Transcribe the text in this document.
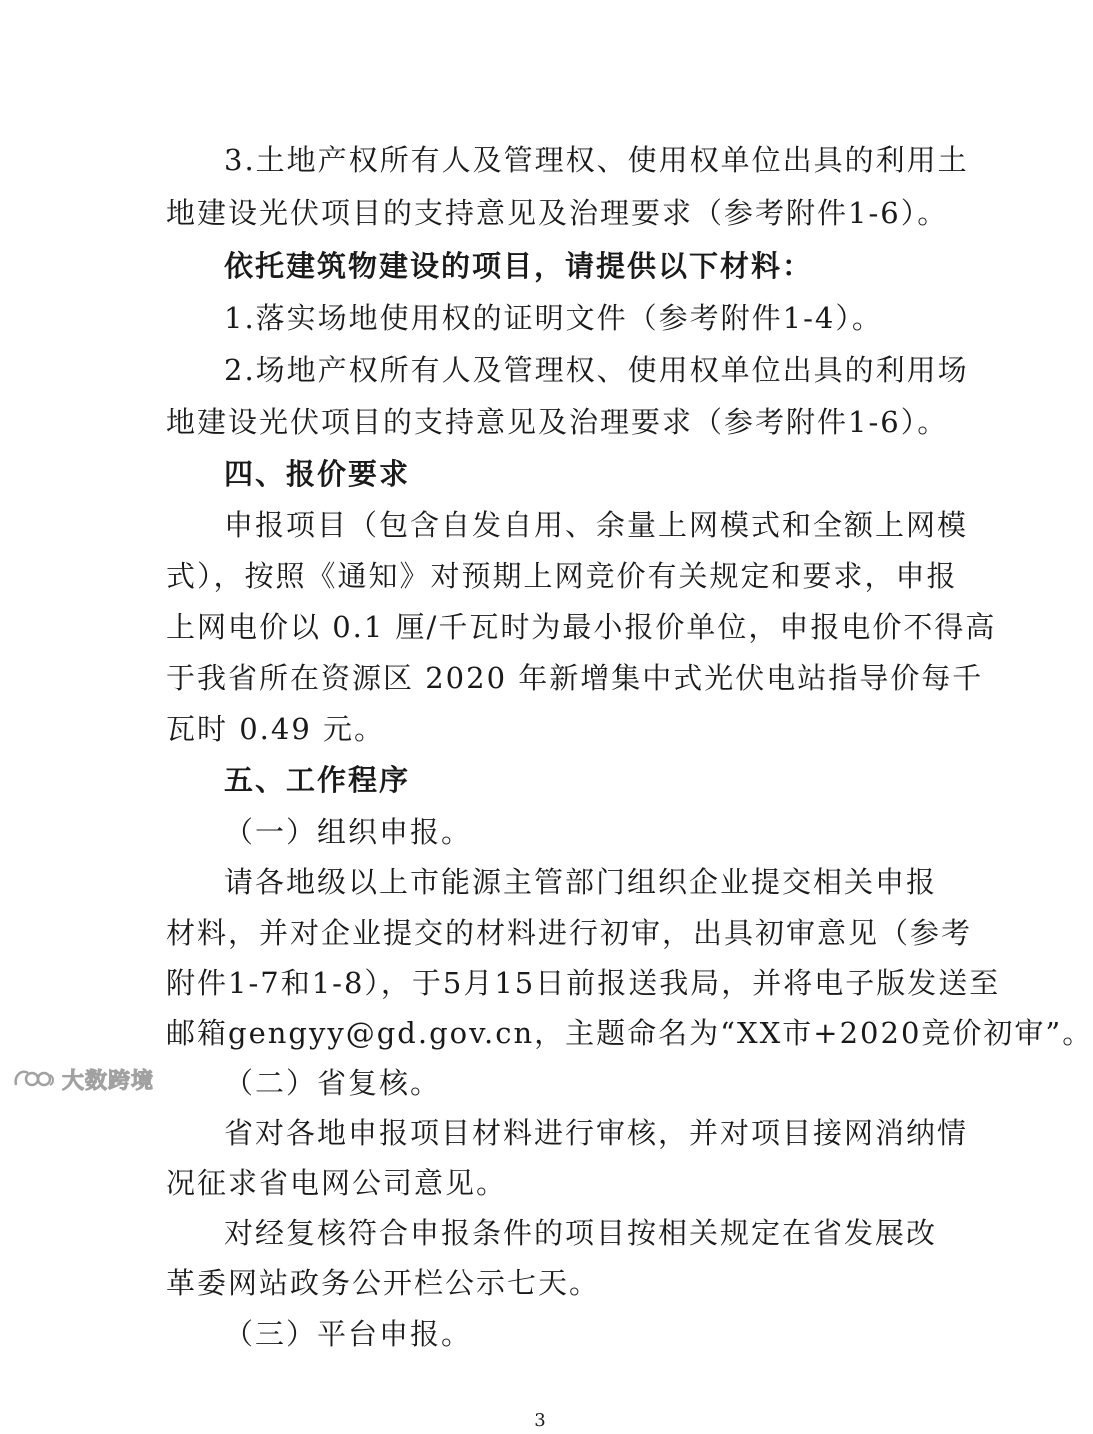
3.土地产权所有人及管理权、使用权单位出具的利用土
地建设光伏项目的支持意见及治理要求（参考附件1-6）。
依托建筑物建设的项目，请提供以下材料：
1.落实场地使用权的证明文件（参考附件1-4）。
2.场地产权所有人及管理权、使用权单位出具的利用场
地建设光伏项目的支持意见及治理要求（参考附件1-6）。
四、报价要求
申报项目（包含自发自用、余量上网模式和全额上网模
式），按照《通知》对预期上网竞价有关规定和要求，申报
上网电价以 0.1 厘/千瓦时为最小报价单位，申报电价不得高
于我省所在资源区 2020 年新增集中式光伏电站指导价每千
瓦时 0.49 元。
五、工作程序
（一）组织申报。
请各地级以上市能源主管部门组织企业提交相关申报
材料，并对企业提交的材料进行初审，出具初审意见（参考
附件1-7和1-8），于5月15日前报送我局，并将电子版发送至
邮箱gengyy@gd.gov.cn，主题命名为“XX市+2020竞价初审”。
（二）省复核。
省对各地申报项目材料进行审核，并对项目接网消纳情
况征求省电网公司意见。
对经复核符合申报条件的项目按相关规定在省发展改
革委网站政务公开栏公示七天。
（三）平台申报。
大数跨境
3
